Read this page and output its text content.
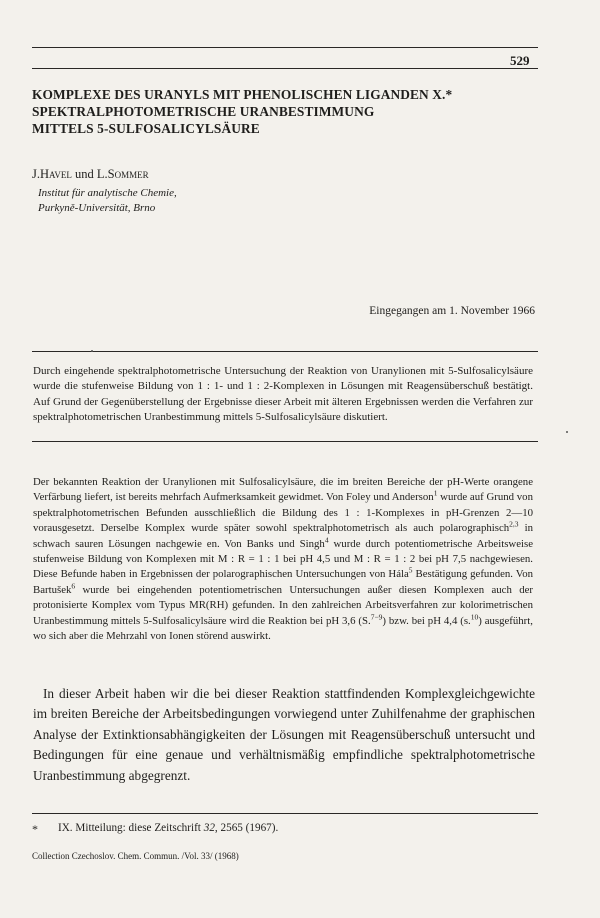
529
KOMPLEXE DES URANYLS MIT PHENOLISCHEN LIGANDEN X.*
SPEKTRALPHOTOMETRISCHE URANBESTIMMUNG
MITTELS 5-SULFOSALICYLSÄURE
J.Havel und L.Sommer
Institut für analytische Chemie,
Purkyně-Universität, Brno
Eingegangen am 1. November 1966
Durch eingehende spektralphotometrische Untersuchung der Reaktion von Uranylionen mit 5-Sulfosalicylsäure wurde die stufenweise Bildung von 1 : 1- und 1 : 2-Komplexen in Lösungen mit Reagensüberschuß bestätigt. Auf Grund der Gegenüberstellung der Ergebnisse dieser Arbeit mit älteren Ergebnissen werden die Verfahren zur spektralphotometrischen Uranbestimmung mittels 5-Sulfosalicylsäure diskutiert.
Der bekannten Reaktion der Uranylionen mit Sulfosalicylsäure, die im breiten Bereiche der pH-Werte orangene Verfärbung liefert, ist bereits mehrfach Aufmerksamkeit gewidmet. Von Foley und Anderson$^1$ wurde auf Grund von spektralphotometrischen Befunden ausschließlich die Bildung des 1 : 1-Komplexes in pH-Grenzen 2—10 vorausgesetzt. Derselbe Komplex wurde später sowohl spektralphotometrisch als auch polarographisch$^{2,3}$ in schwach sauren Lösungen nachgewie en. Von Banks und Singh$^4$ wurde durch potentiometrische Arbeitsweise stufenweise Bildung von Komplexen mit M : R = 1 : 1 bei pH 4,5 und M : R = 1 : 2 bei pH 7,5 nachgewiesen. Diese Befunde haben in Ergebnissen der polarographischen Untersuchungen von Hála$^5$ Bestätigung gefunden. Von Bartušek$^6$ wurde bei eingehenden potentiometrischen Untersuchungen außer diesen Komplexen auch der protonisierte Komplex vom Typus MR(RH) gefunden. In den zahlreichen Arbeitsverfahren zur kolorimetrischen Uranbestimmung mittels 5-Sulfosalicylsäure wird die Reaktion bei pH 3,6 (S.$^{7-9}$) bzw. bei pH 4,4 (s.$^{10}$) ausgeführt, wo sich aber die Mehrzahl von Ionen störend auswirkt.
In dieser Arbeit haben wir die bei dieser Reaktion stattfindenden Komplexgleichgewichte im breiten Bereiche der Arbeitsbedingungen vorwiegend unter Zuhilfenahme der graphischen Analyse der Extinktionsabhängigkeiten der Lösungen mit Reagensüberschuß untersucht und Bedingungen für eine genaue und verhältnismäßig empfindliche spektralphotometrische Uranbestimmung abgegrenzt.
* IX. Mitteilung: diese Zeitschrift 32, 2565 (1967).
Collection Czechoslov. Chem. Commun. /Vol. 33/ (1968)
